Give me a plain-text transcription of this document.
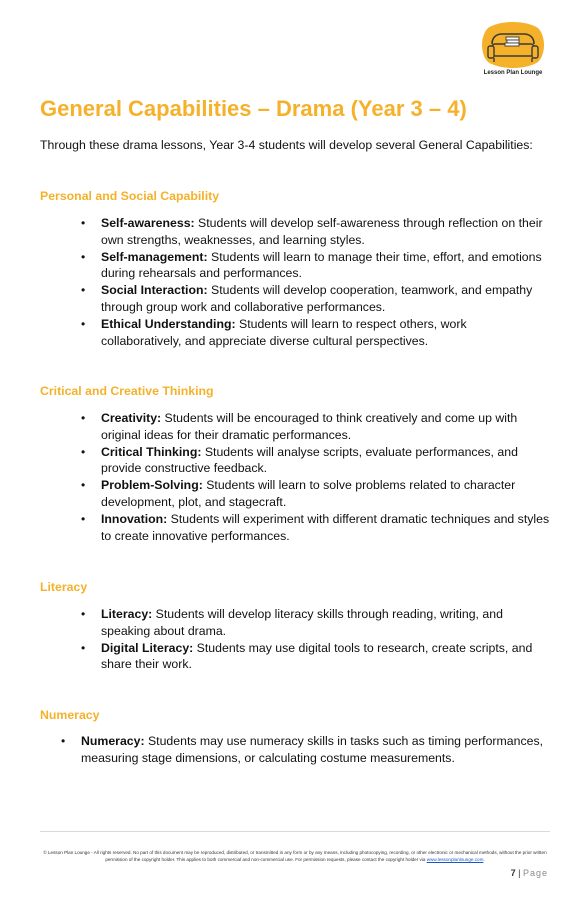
Lesson Plan Lounge
General Capabilities – Drama (Year 3 – 4)

Through these drama lessons, Year 3-4 students will develop several General Capabilities:

Personal and Social Capability
• Self-awareness: Students will develop self-awareness through reflection on their own strengths, weaknesses, and learning styles.
• Self-management: Students will learn to manage their time, effort, and emotions during rehearsals and performances.
• Social Interaction: Students will develop cooperation, teamwork, and empathy through group work and collaborative performances.
• Ethical Understanding: Students will learn to respect others, work collaboratively, and appreciate diverse cultural perspectives.
Critical and Creative Thinking
• Creativity: Students will be encouraged to think creatively and come up with original ideas for their dramatic performances.
• Critical Thinking: Students will analyse scripts, evaluate performances, and provide constructive feedback.
• Problem-Solving: Students will learn to solve problems related to character development, plot, and stagecraft.
• Innovation: Students will experiment with different dramatic techniques and styles to create innovative performances.
Literacy
• Literacy: Students will develop literacy skills through reading, writing, and speaking about drama.
• Digital Literacy: Students may use digital tools to research, create scripts, and share their work.
Numeracy
• Numeracy: Students may use numeracy skills in tasks such as timing performances, measuring stage dimensions, or calculating costume measurements.
© Lesson Plan Lounge - All rights reserved. No part of this document may be reproduced, distributed, or transmitted in any form or by any means, including photocopying, recording, or other electronic or mechanical methods, without the prior written permission of the copyright holder. This applies to both commercial and non-commercial use. For permission requests, please contact the copyright holder via www.lessonplanlounge.com.
7 | Page
